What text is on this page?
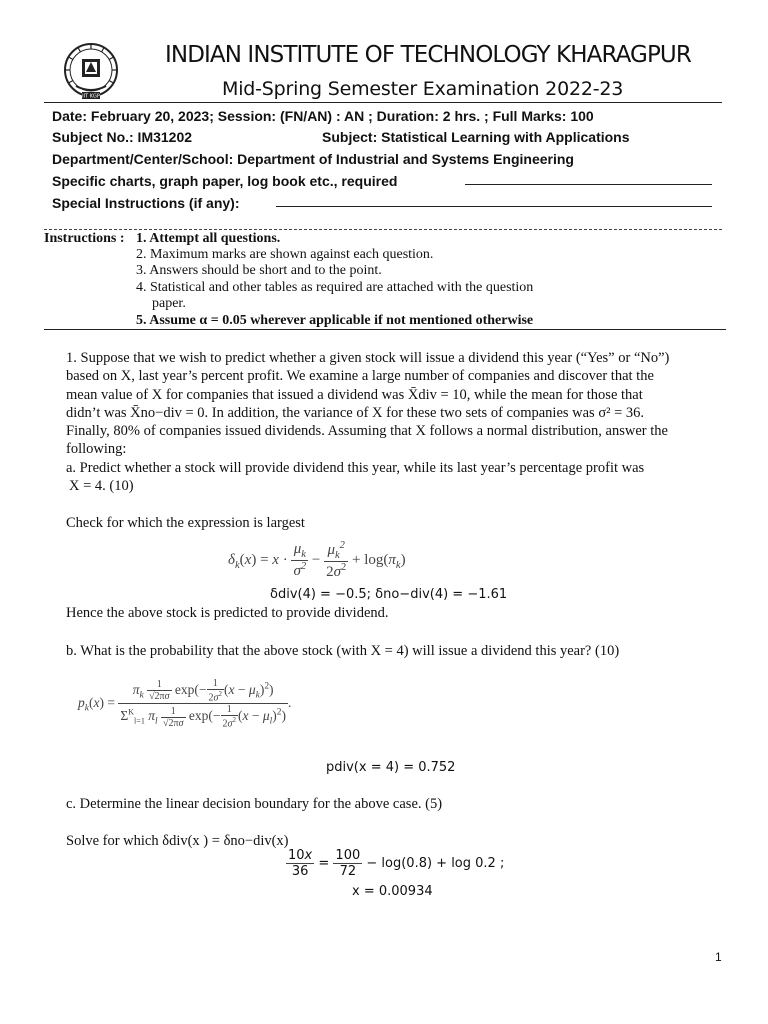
IIT KGP
INDIAN INSTITUTE OF TECHNOLOGY KHARAGPUR
Mid-Spring Semester Examination 2022-23
Date: February 20, 2023; Session: (FN/AN) : AN ; Duration: 2 hrs. ; Full Marks: 100
Subject No.: IM31202	Subject: Statistical Learning with Applications
Department/Center/School: Department of Industrial and Systems Engineering
Specific charts, graph paper, log book etc., required
Special Instructions (if any):
Instructions : 1. Attempt all questions.
2. Maximum marks are shown against each question.
3. Answers should be short and to the point.
4. Statistical and other tables as required are attached with the question
paper.
5. Assume α = 0.05 wherever applicable if not mentioned otherwise
1. Suppose that we wish to predict whether a given stock will issue a dividend this year (“Yes” or “No”)
based on X, last year’s percent profit. We examine a large number of companies and discover that the
mean value of X for companies that issued a dividend was X̄div = 10, while the mean for those that
didn’t was X̄no−div = 0. In addition, the variance of X for these two sets of companies was σ² = 36.
Finally, 80% of companies issued dividends. Assuming that X follows a normal distribution, answer the
following:
a. Predict whether a stock will provide dividend this year, while its last year’s percentage profit was
X = 4. (10)
Check for which the expression is largest
$\delta_k(x) = x \cdot \frac{\mu_k}{\sigma^2} - \frac{\mu_k^2}{2\sigma^2} + \log(\pi_k)$
δdiv(4) = −0.5; δno−div(4) = −1.61
Hence the above stock is predicted to provide dividend.
b. What is the probability that the above stock (with X = 4) will issue a dividend this year? (10)
$p_k(x) = \frac{\pi_k \frac{1}{√2\pi\sigma} \exp(- \frac{1}{2\sigma^2} (x - \mu_k)^2)}{\Sigma^K_{l=1} \pi_l \frac{1}{√2\pi\sigma} \exp(- \frac{1}{2\sigma^2} (x - \mu_l)^2)}$ .
pdiv(x = 4) = 0.752
c. Determine the linear decision boundary for the above case. (5)
Solve for which δdiv(x ) = δno−div(x)
$\frac{10x}{36} = \frac{100}{72} - \log(0.8) + \log 0.2$ ;
x = 0.00934
1
